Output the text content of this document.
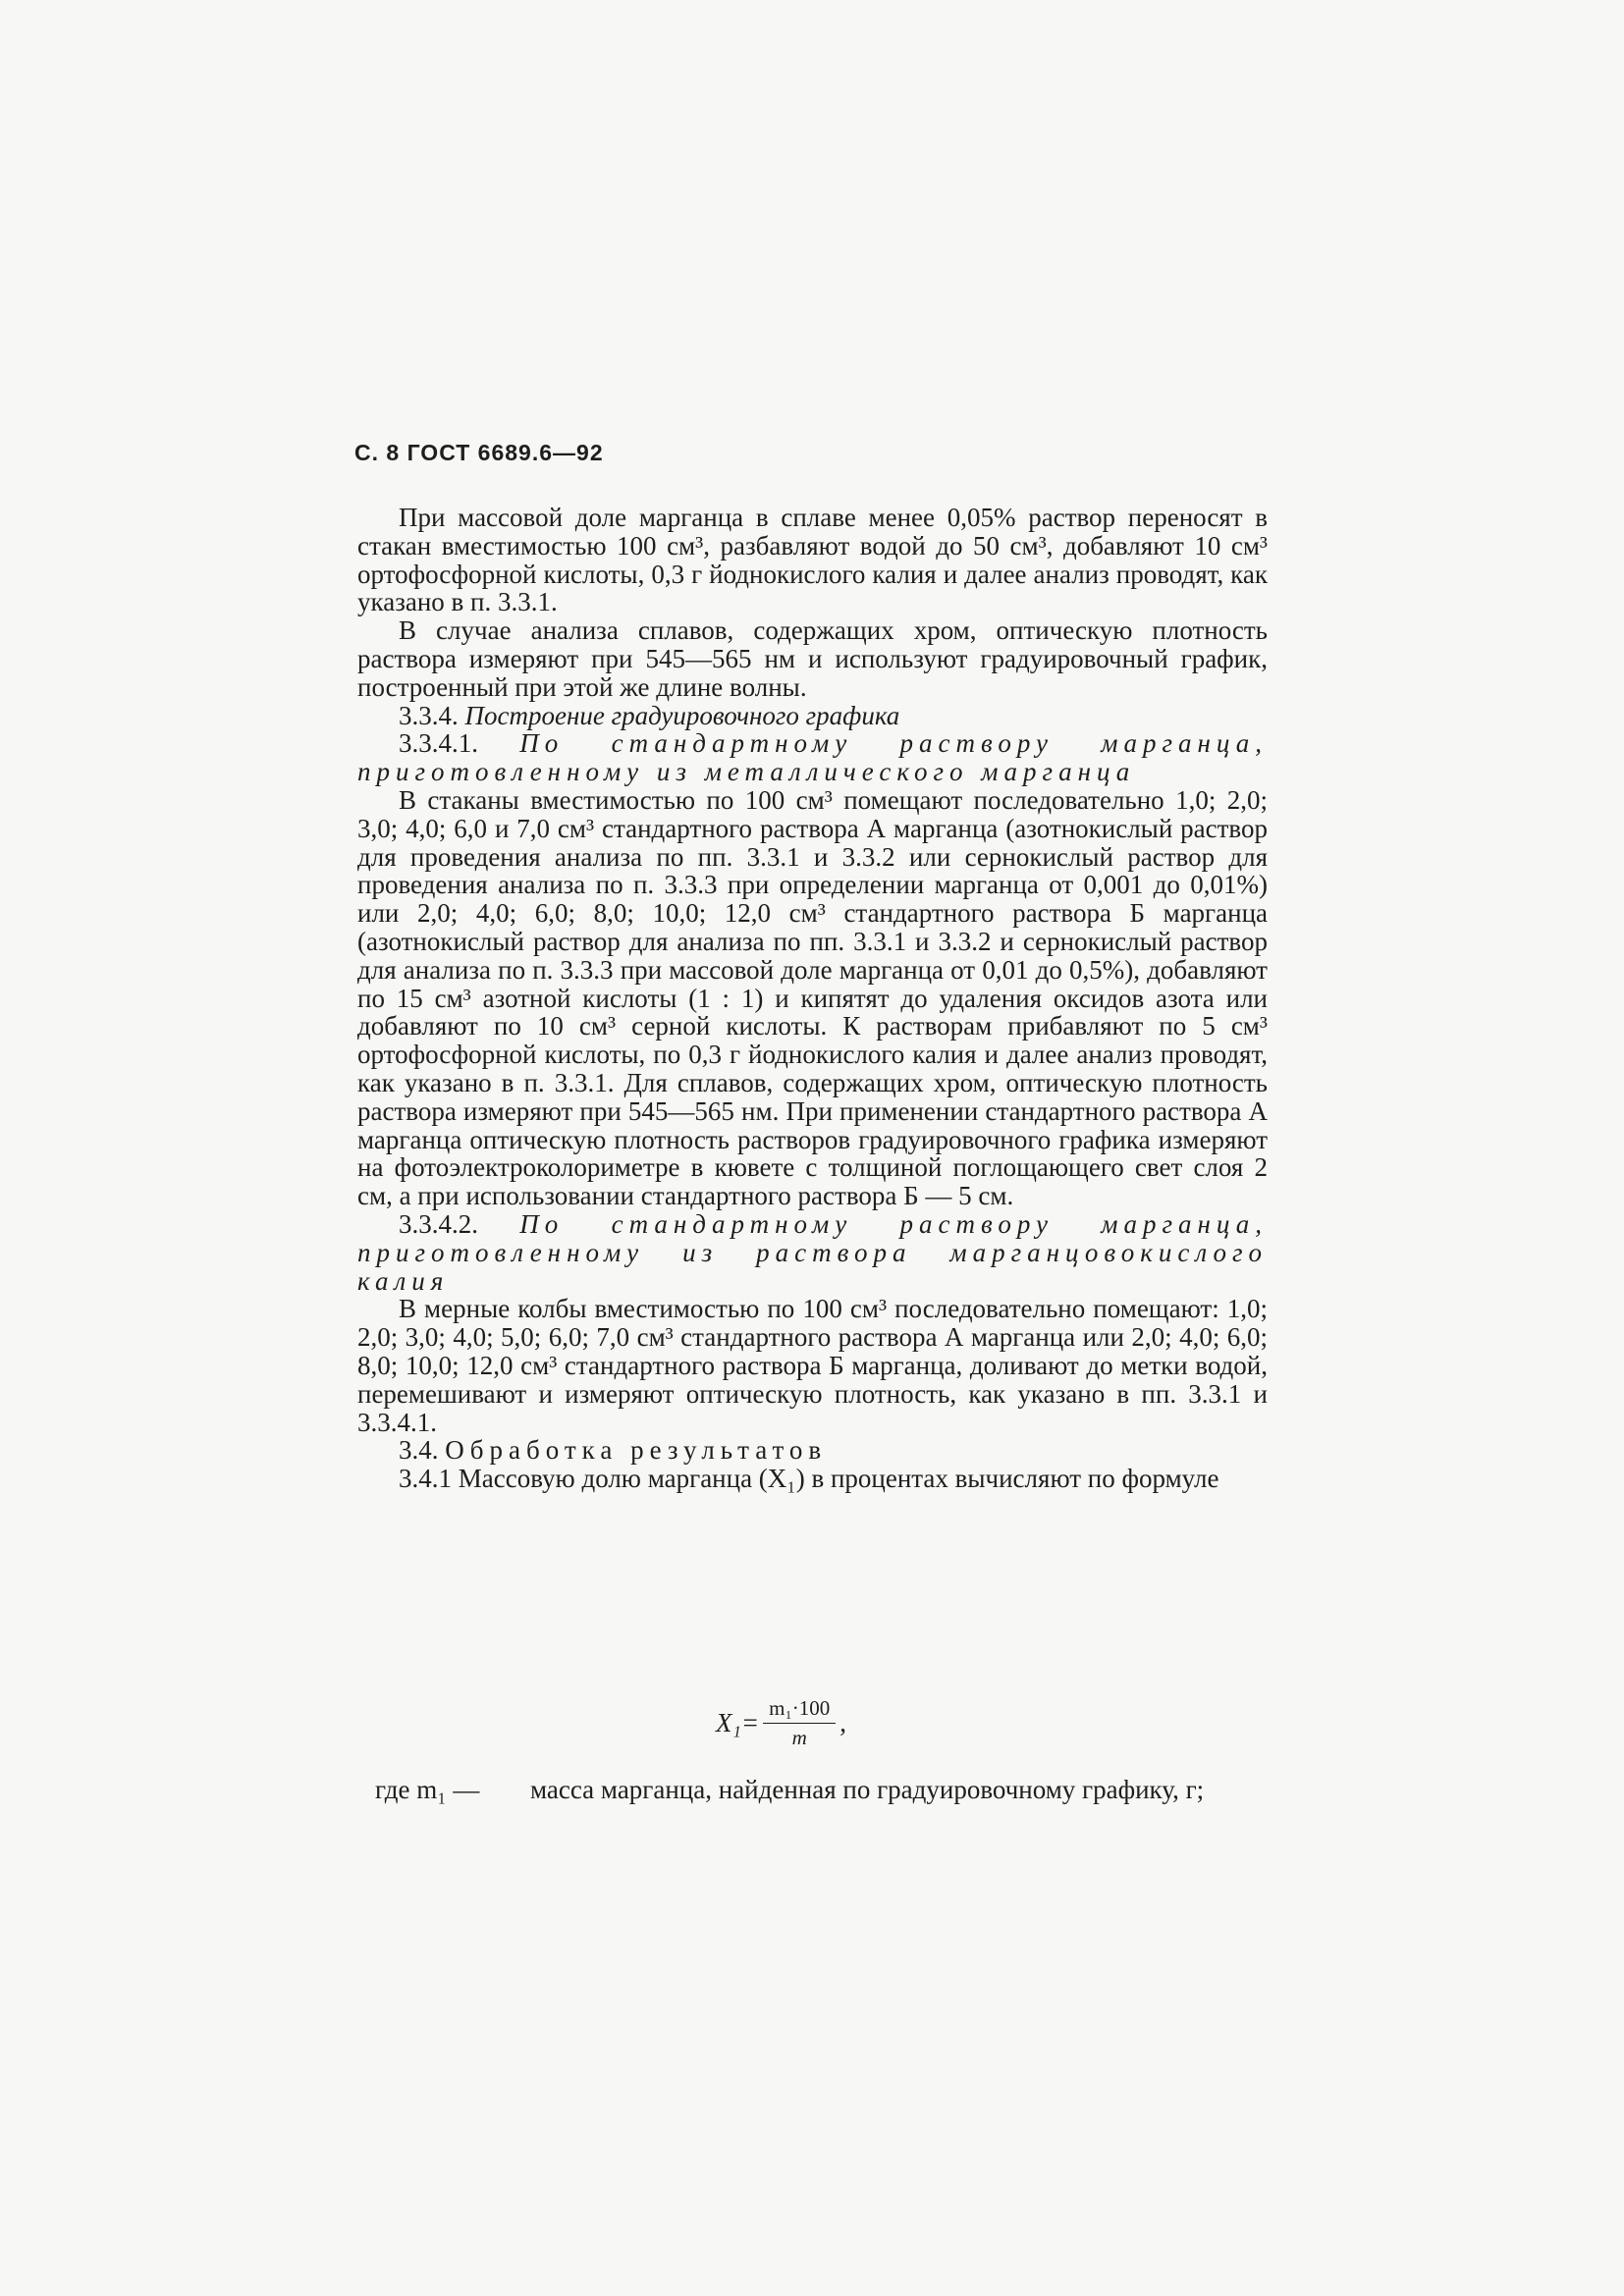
С. 8 ГОСТ 6689.6—92

При массовой доле марганца в сплаве менее 0,05% раствор переносят в стакан вместимостью 100 см³, разбавляют водой до 50 см³, добавляют 10 см³ ортофосфорной кислоты, 0,3 г йоднокислого калия и далее анализ проводят, как указано в п. 3.3.1.

В случае анализа сплавов, содержащих хром, оптическую плотность раствора измеряют при 545—565 нм и используют градуировочный график, построенный при этой же длине волны.

3.3.4. Построение градуировочного графика

3.3.4.1. По стандартному раствору марганца, приготовленному из металлического марганца

В стаканы вместимостью по 100 см³ помещают последовательно 1,0; 2,0; 3,0; 4,0; 6,0 и 7,0 см³ стандартного раствора А марганца (азотнокислый раствор для проведения анализа по пп. 3.3.1 и 3.3.2 или сернокислый раствор для проведения анализа по п. 3.3.3 при определении марганца от 0,001 до 0,01%) или 2,0; 4,0; 6,0; 8,0; 10,0; 12,0 см³ стандартного раствора Б марганца (азотнокислый раствор для анализа по пп. 3.3.1 и 3.3.2 и сернокислый раствор для анализа по п. 3.3.3 при массовой доле марганца от 0,01 до 0,5%), добавляют по 15 см³ азотной кислоты (1 : 1) и кипятят до удаления оксидов азота или добавляют по 10 см³ серной кислоты. К растворам прибавляют по 5 см³ ортофосфорной кислоты, по 0,3 г йоднокислого калия и далее анализ проводят, как указано в п. 3.3.1. Для сплавов, содержащих хром, оптическую плотность раствора измеряют при 545—565 нм. При применении стандартного раствора А марганца оптическую плотность растворов градуировочного графика измеряют на фотоэлектроколориметре в кювете с толщиной поглощающего свет слоя 2 см, а при использовании стандартного раствора Б — 5 см.

3.3.4.2. По стандартному раствору марганца, приготовленному из раствора марганцовокислого калия

В мерные колбы вместимостью по 100 см³ последовательно помещают: 1,0; 2,0; 3,0; 4,0; 5,0; 6,0; 7,0 см³ стандартного раствора А марганца или 2,0; 4,0; 6,0; 8,0; 10,0; 12,0 см³ стандартного раствора Б марганца, доливают до метки водой, перемешивают и измеряют оптическую плотность, как указано в пп. 3.3.1 и 3.3.4.1.

3.4. Обработка результатов

3.4.1 Массовую долю марганца (X₁) в процентах вычисляют по формуле

$X_1= \frac{\text{m₁·100}}{m}$ ,
где m₁ —	масса марганца, найденная по градуировочному графику, г;
